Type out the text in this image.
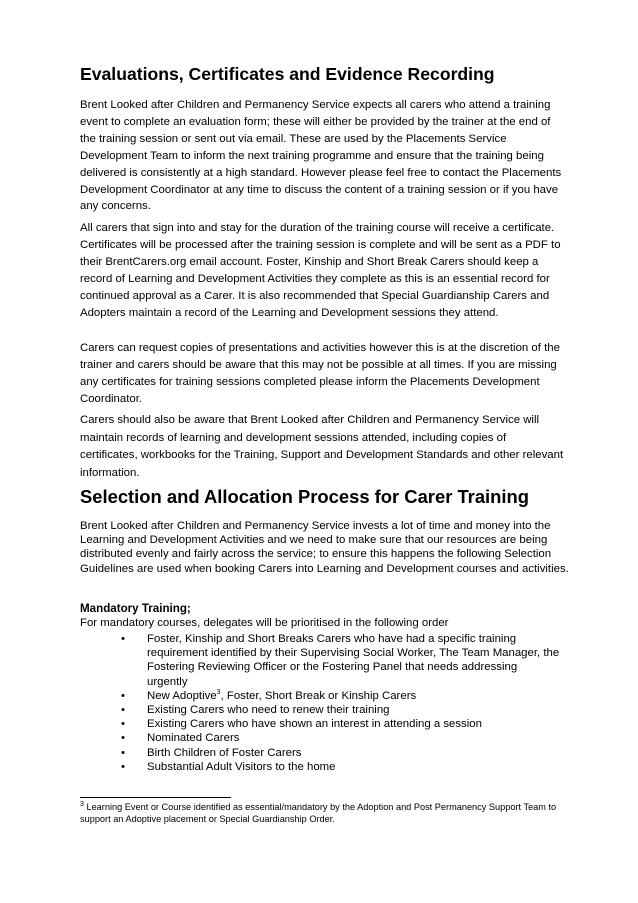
Evaluations, Certificates and Evidence Recording

Brent Looked after Children and Permanency Service expects all carers who attend a training event to complete an evaluation form; these will either be provided by the trainer at the end of the training session or sent out via email. These are used by the Placements Service Development Team to inform the next training programme and ensure that the training being delivered is consistently at a high standard. However please feel free to contact the Placements Development Coordinator at any time to discuss the content of a training session or if you have any concerns.

All carers that sign into and stay for the duration of the training course will receive a certificate. Certificates will be processed after the training session is complete and will be sent as a PDF to their BrentCarers.org email account. Foster, Kinship and Short Break Carers should keep a record of Learning and Development Activities they complete as this is an essential record for continued approval as a Carer. It is also recommended that Special Guardianship Carers and Adopters maintain a record of the Learning and Development sessions they attend.

Carers can request copies of presentations and activities however this is at the discretion of the trainer and carers should be aware that this may not be possible at all times. If you are missing any certificates for training sessions completed please inform the Placements Development Coordinator.

Carers should also be aware that Brent Looked after Children and Permanency Service will maintain records of learning and development sessions attended, including copies of certificates, workbooks for the Training, Support and Development Standards and other relevant information.

Selection and Allocation Process for Carer Training

Brent Looked after Children and Permanency Service invests a lot of time and money into the Learning and Development Activities and we need to make sure that our resources are being distributed evenly and fairly across the service; to ensure this happens the following Selection Guidelines are used when booking Carers into Learning and Development courses and activities.

Mandatory Training;
For mandatory courses, delegates will be prioritised in the following order
• Foster, Kinship and Short Breaks Carers who have had a specific training requirement identified by their Supervising Social Worker, The Team Manager, the Fostering Reviewing Officer or the Fostering Panel that needs addressing urgently
• New Adoptive$^3$, Foster, Short Break or Kinship Carers
• Existing Carers who need to renew their training
• Existing Carers who have shown an interest in attending a session
• Nominated Carers
• Birth Children of Foster Carers
• Substantial Adult Visitors to the home
$^3$ Learning Event or Course identified as essential/mandatory by the Adoption and Post Permanency Support Team to support an Adoptive placement or Special Guardianship Order.
